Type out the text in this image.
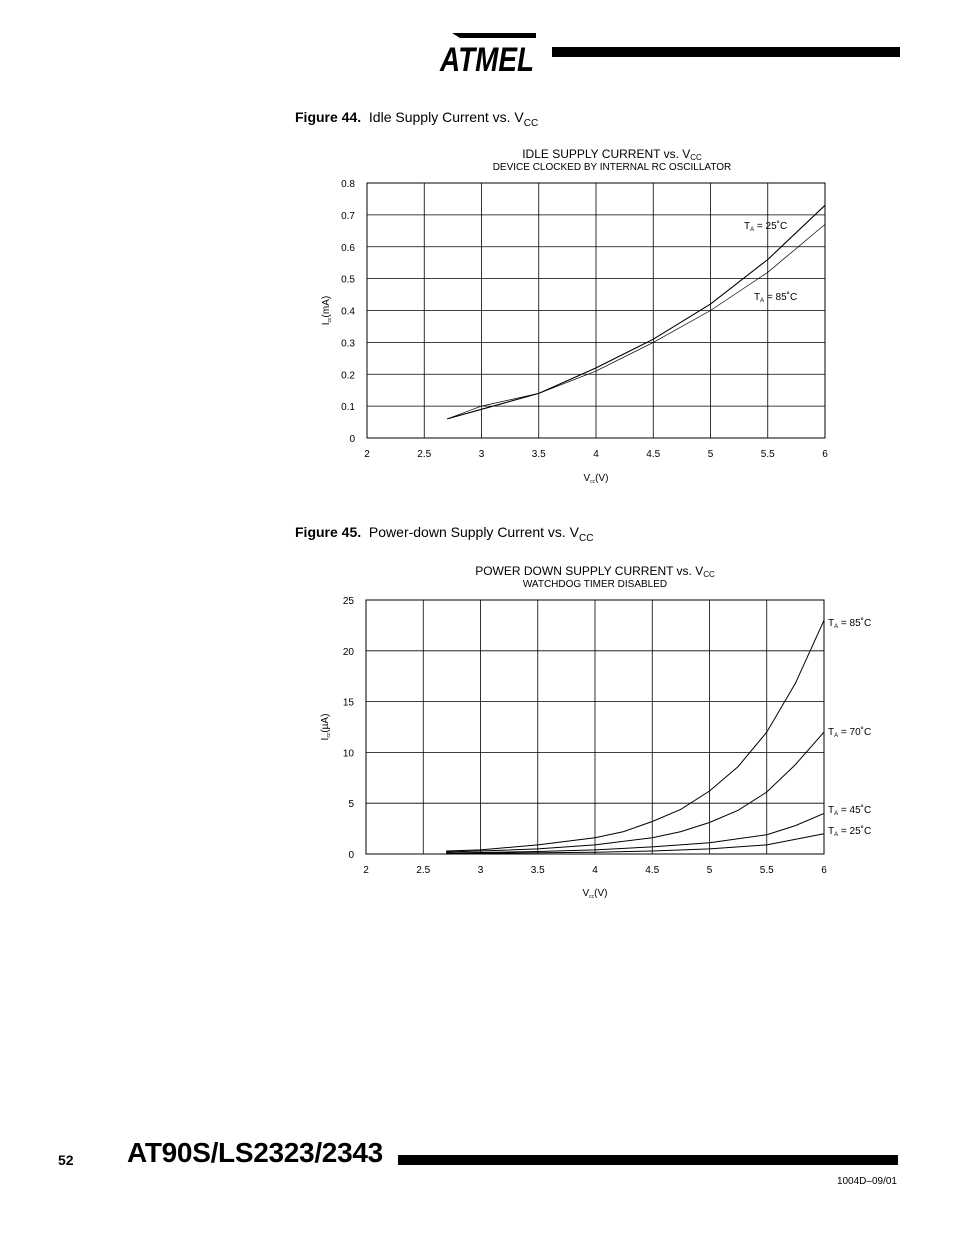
ATMEL
Figure 44. Idle Supply Current vs. $V_{CC}$
Figure 45. Power-down Supply Current vs. $V_{CC}$
IDLE SUPPLY CURRENT vs. VCC
DEVICE CLOCKED BY INTERNAL RC OSCILLATOR
2	2.5	3	3.5	4	4.5	5	5.5	6
0
0.1
0.2
0.3
0.4
0.5
0.6
0.7
0.8
$V_{cc}(V)$
$I_{cc}(mA)$
$T_A$ = 25˚C
$T_A$ = 85˚C
POWER DOWN SUPPLY CURRENT vs. VCC
WATCHDOG TIMER DISABLED
2	2.5	3	3.5	4	4.5	5	5.5	6
0
5
10
15
20
25
$V_{cc}(V)$
$I_{cc}(\mu A)$
$T_A$ = 85˚C
$T_A$ = 70˚C
$T_A$ = 45˚C
$T_A$ = 25˚C
52 AT90S/LS2323/2343
1004D–09/01
